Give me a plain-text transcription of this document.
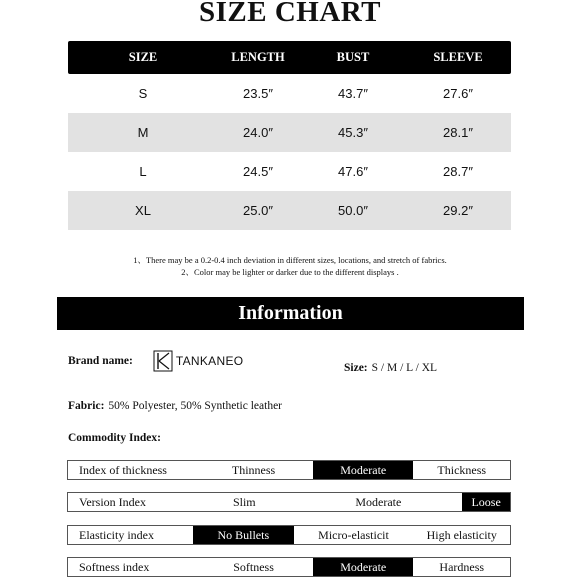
SIZE CHART
SIZE	LENGTH	BUST	SLEEVE
S	23.5″	43.7″	27.6″
M	24.0″	45.3″	28.1″
L	24.5″	47.6″	28.7″
XL	25.0″	50.0″	29.2″
1、There may be a 0.2-0.4 inch deviation in different sizes, locations, and stretch of fabrics.
2、Color may be lighter or darker due to the different displays .
Information
Brand name:	TANKANEO	Size: S / M / L / XL
Fabric: 50% Polyester, 50% Synthetic leather
Commodity Index:
Index of thickness	Thinness	Moderate	Thickness
Version Index	Slim	Moderate	Loose
Elasticity index	No Bullets	Micro-elasticit	High elasticity
Softness index	Softness	Moderate	Hardness
